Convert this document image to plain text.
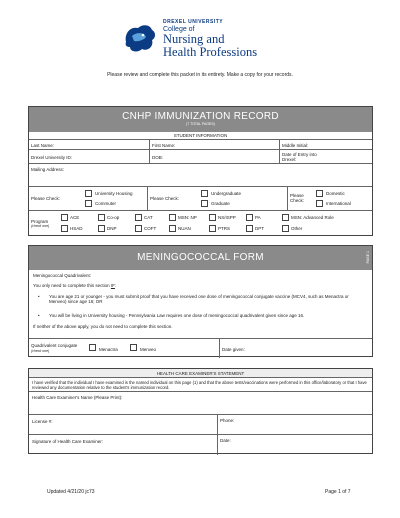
DREXEL UNIVERSITY
College of
Nursing and
Health Professions
Please review and complete this packet in its entirety. Make a copy for your records.
CNHP IMMUNIZATION RECORD
(7 TOTAL PAGES)
STUDENT INFORMATION
Last Name:	First Name:	Middle Initial:
Drexel University ID:	DOB:
Date of Entry into Drexel:
Mailing Address:
Please Check:
University Housing
Commuter
Please Check:
Undergraduate
Graduate
Please Check:
Domestic
International
Program
(check one)
ACE	Co-op	CAT	MSN: NP	NS/ISPP	PA	MSN: Advanced Role
HSAD	DNP	COFT	NUAN	PTRS	DPT	Other
MENINGOCOCCAL FORM	PAGE 1
Meningococcal Quadrivalent:
You only need to complete this section IF:
• You are age 21 or younger - you must submit proof that you have received one dose of meningococcal conjugate vaccine (MCV4, such as Menactra or Menveo) since age 16; OR
• You will be living in University housing - Pennsylvania Law requires one dose of meningococcal quadrivalent given since age 16.
If neither of the above apply, you do not need to complete this section.
Quadrivalent conjugate
(check one)	Menactra	Menveo	Date given:
HEALTH CARE EXAMINER'S STATEMENT
I have verified that the individual I have examined is the named individual on this page (1) and that the above tests/vaccinations were performed in this office/laboratory or that I have reviewed any documentation relative to the student's immunization record.
Health Care Examiner's Name (Please Print):
License #:	Phone:
Signature of Health Care Examiner:	Date:
Updated 4/21/20 jc73	Page 1 of 7
